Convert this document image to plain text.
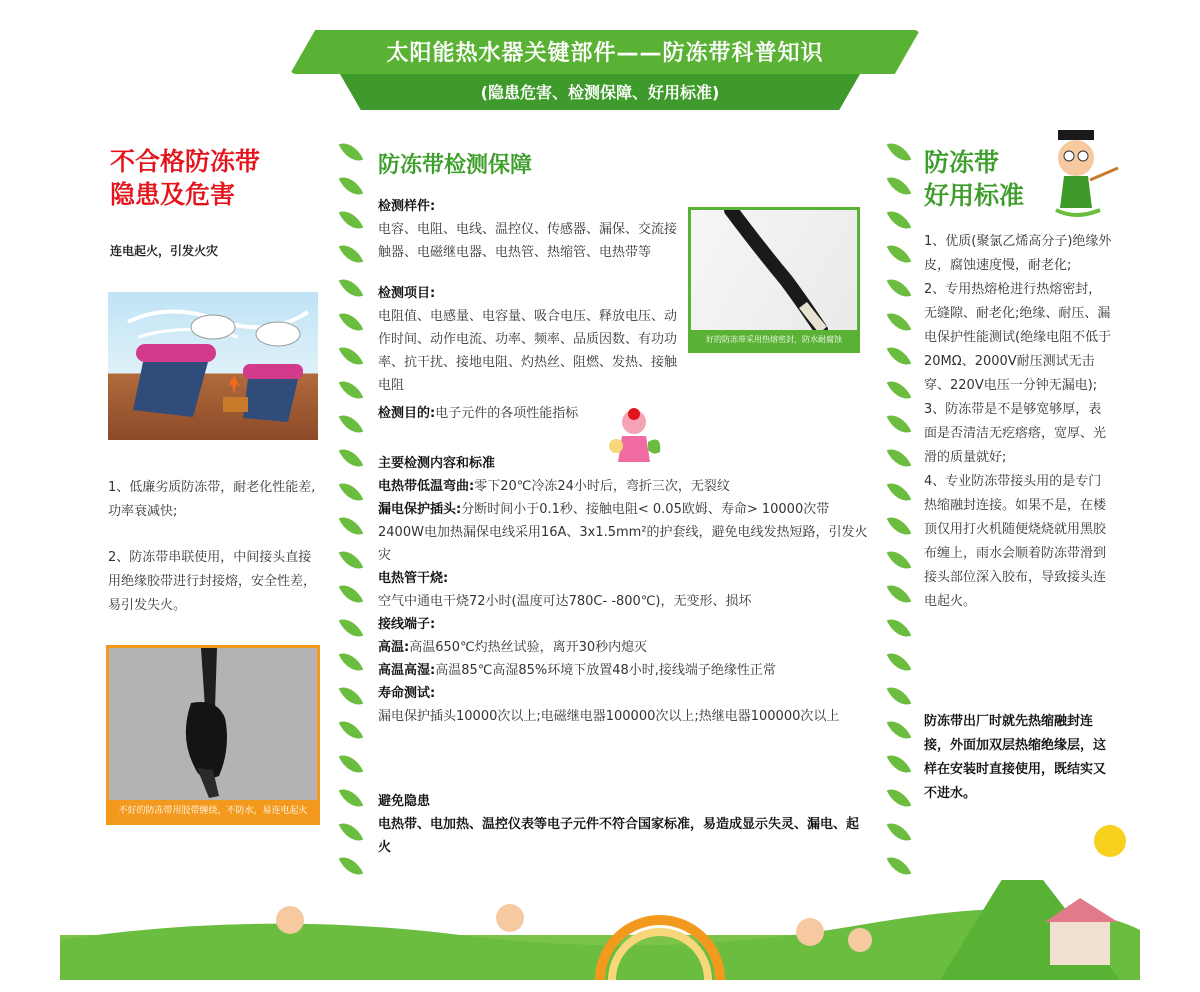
太阳能热水器关键部件——防冻带科普知识
(隐患危害、检测保障、好用标准)
不合格防冻带
隐患及危害
连电起火，引发火灾
1、低廉劣质防冻带，耐老化性能差,功率衰减快;
2、防冻带串联使用，中间接头直接用绝缘胶带进行封接熔，安全性差，易引发失火。
不好的防冻带用胶带缠绕，不防水，易连电起火
防冻带检测保障
检测样件:
电容、电阻、电线、温控仪、传感器、漏保、交流接触器、电磁继电器、电热管、热缩管、电热带等
检测项目:
电阻值、电感量、电容量、吸合电压、释放电压、动作时间、动作电流、功率、频率、品质因数、有功功率、抗干扰、接地电阻、灼热丝、阻燃、发热、接触电阻
检测目的:电子元件的各项性能指标
好的防冻带采用热熔密封，防水耐腐蚀
主要检测内容和标准
电热带低温弯曲:零下20℃冷冻24小时后，弯折三次，无裂纹
漏电保护插头:分断时间小于0.1秒、接触电阻< 0.05欧姆、寿命> 10000次带2400W电加热漏保电线采用16A、3x1.5mm²的护套线，避免电线发热短路，引发火灾
电热管干烧:
空气中通电干烧72小时(温度可达780C- -800℃)，无变形、损坏
接线端子:
高温:高温650℃灼热丝试验，离开30秒内熄灭
高温高湿:高温85℃高湿85%环境下放置48小时,接线端子绝缘性正常
寿命测试:
漏电保护插头10000次以上;电磁继电器100000次以上;热继电器100000次以上
避免隐患
电热带、电加热、温控仪表等电子元件不符合国家标准，易造成显示失灵、漏电、起火
防冻带
好用标准
1、优质(聚氯乙烯高分子)绝缘外皮，腐蚀速度慢，耐老化;
2、专用热熔枪进行热熔密封，无缝隙、耐老化;绝缘、耐压、漏电保护性能测试(绝缘电阻不低于20MΩ、2000V耐压测试无击穿、220V电压一分钟无漏电);
3、防冻带是不是够宽够厚，表面是否清洁无疙瘩瘩，宽厚、光滑的质量就好;
4、专业防冻带接头用的是专门热缩融封连接。如果不是，在楼顶仅用打火机随便烧烧就用黑胶布缠上，雨水会顺着防冻带滑到接头部位深入胶布，导致接头连电起火。
防冻带出厂时就先热缩融封连接，外面加双层热缩绝缘层，这样在安装时直接使用，既结实又不进水。
